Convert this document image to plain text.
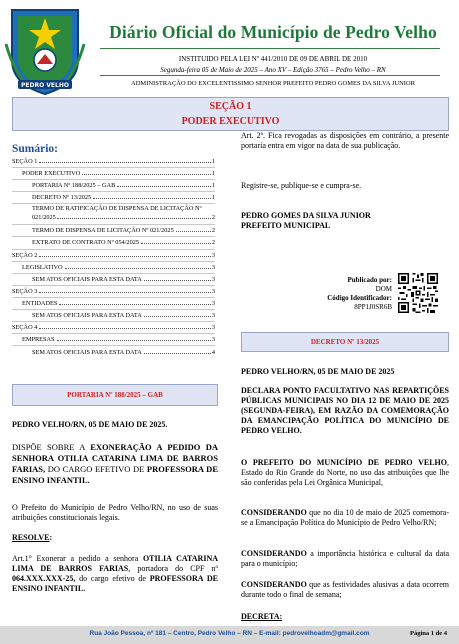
PEDRO VELHO
Diário Oficial do Município de Pedro Velho
INSTITUIDO PELA LEI Nº 441/2010 DE 09 DE ABRIL DE 2010
Segunda-feira 05 de Maio de 2025 – Ano XV – Edição 3765 – Pedro Velho – RN
ADMINISTRAÇÃO DO EXCELENTISSIMO SENHOR PREFEITO PEDRO GOMES DA SILVA JUNIOR
SEÇÃO 1
PODER EXECUTIVO
Sumário:
SEÇÃO 1	1
PODER EXECUTIVO	1
PORTARIA Nº 188/2025 – GAB	1
DECRETO Nº 13/2025	1
TERMO DE RATIFICAÇÃO DE DISPENSA DE LICITAÇÃO Nº
021/2025	2
TERMO DE DISPENSA DE LICITAÇÃO Nº 021/2025	2
EXTRATO DE CONTRATO Nº 054/2025	2
SEÇÃO 2	3
LEGISLATIVO	3
SEM ATOS OFICIAIS PARA ESTA DATA	3
SEÇÃO 3	3
ENTIDADES	3
SEM ATOS OFICIAIS PARA ESTA DATA	3
SEÇÃO 4	3
EMPRESAS	3
SEM ATOS OFICIAIS PARA ESTA DATA	4
PORTARIA Nº 188/2025 – GAB
PEDRO VELHO/RN, 05 DE MAIO DE 2025.
DISPÕE SOBRE A EXONERAÇÃO A PEDIDO DA SENHORA OTILIA CATARINA LIMA DE BARROS FARIAS, DO CARGO EFETIVO DE PROFESSORA DE ENSINO INFANTIL.
O Prefeito do Município de Pedro Velho/RN, no uso de suas atribuições constitucionais legais.
RESOLVE:
Art.1° Exonerar a pedido a senhora OTILIA CATARINA LIMA DE BARROS FARIAS, portadora do CPF nº 064.XXX.XXX-25, do cargo efetivo de PROFESSORA DE ENSINO INFANTIL.
Art. 2º. Fica revogadas as disposições em contrário, a presente portaria entra em vigor na data de sua publicação.
Registre-se, publique-se e cumpra-se.
PEDRO GOMES DA SILVA JUNIOR
PREFEITO MUNICIPAL
Publicado por:
DOM
Código Identificador:
8PP1J0SR6B
DECRETO Nº 13/2025
PEDRO VELHO/RN, 05 DE MAIO DE 2025
DECLARA PONTO FACULTATIVO NAS REPARTIÇÕES PÚBLICAS MUNICIPAIS NO DIA 12 DE MAIO DE 2025 (SEGUNDA-FEIRA), EM RAZÃO DA COMEMORAÇÃO DA EMANCIPAÇÃO POLÍTICA DO MUNICÍPIO DE PEDRO VELHO.
O PREFEITO DO MUNICÍPIO DE PEDRO VELHO, Estado do Rio Grande do Norte, no uso das atribuições que lhe são conferidas pela Lei Orgânica Municipal,
CONSIDERANDO que no dia 10 de maio de 2025 comemora-se a Emancipação Política do Município de Pedro Velho/RN;
CONSIDERANDO a importância histórica e cultural da data para o município;
CONSIDERANDO que as festividades alusivas a data ocorrem durante todo o final de semana;
DECRETA:
Rua João Pessoa, nº 181 – Centro, Pedro Velho – RN – E-mail: pedrovelhoadm@gmail.com	Página 1 de 4
